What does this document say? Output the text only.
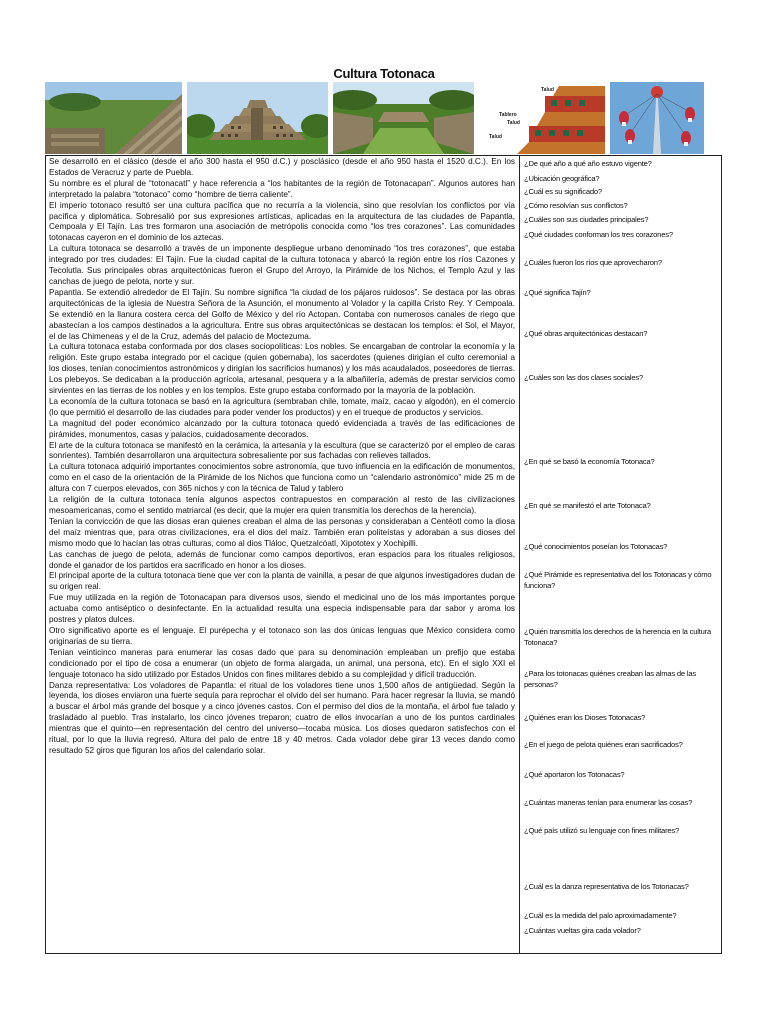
Cultura Totonaca
Talud
Tablero
Talud
Talud

Se desarrolló en el clásico (desde el año 300 hasta el 950 d.C.) y posclásico (desde el año 950 hasta el 1520 d.C.). En los Estados de Veracruz y parte de Puebla.

Su nombre es el plural de “totonacatl” y hace referencia a “los habitantes de la región de Totonacapan”. Algunos autores han interpretado la palabra “totonaco” como “hombre de tierra caliente”.

El imperio totonaco resultó ser una cultura pacífica que no recurría a la violencia, sino que resolvían los conflictos por vía pacífica y diplomática. Sobresalió por sus expresiones artísticas, aplicadas en la arquitectura de las ciudades de Papantla, Cempoala y El Tajín. Las tres formaron una asociación de metrópolis conocida como “los tres corazones”. Las comunidades totonacas cayeron en el dominio de los aztecas.

La cultura totonaca se desarrolló a través de un imponente despliegue urbano denominado “los tres corazones”, que estaba integrado por tres ciudades: El Tajín. Fue la ciudad capital de la cultura totonaca y abarcó la región entre los ríos Cazones y Tecolutla. Sus principales obras arquitectónicas fueron el Grupo del Arroyo, la Pirámide de los Nichos, el Templo Azul y las canchas de juego de pelota, norte y sur.

Papantla. Se extendió alrededor de El Tajín. Su nombre significa “la ciudad de los pájaros ruidosos”. Se destaca por las obras arquitectónicas de la iglesia de Nuestra Señora de la Asunción, el monumento al Volador y la capilla Cristo Rey. Y Cempoala. Se extendió en la llanura costera cerca del Golfo de México y del río Actopan. Contaba con numerosos canales de riego que abastecían a los campos destinados a la agricultura. Entre sus obras arquitectónicas se destacan los templos: el Sol, el Mayor, el de las Chimeneas y el de la Cruz, además del palacio de Moctezuma.

La cultura totonaca estaba conformada por dos clases sociopolíticas: Los nobles. Se encargaban de controlar la economía y la religión. Este grupo estaba integrado por el cacique (quien gobernaba), los sacerdotes (quienes dirigían el culto ceremonial a los dioses, tenían conocimientos astronómicos y dirigían los sacrificios humanos) y los más acaudalados, poseedores de tierras. Los plebeyos. Se dedicaban a la producción agrícola, artesanal, pesquera y a la albañilería, además de prestar servicios como sirvientes en las tierras de los nobles y en los templos. Este grupo estaba conformado por la mayoría de la población.

La economía de la cultura totonaca se basó en la agricultura (sembraban chile, tomate, maíz, cacao y algodón), en el comercio (lo que permitió el desarrollo de las ciudades para poder vender los productos) y en el trueque de productos y servicios.

La magnitud del poder económico alcanzado por la cultura totonaca quedó evidenciada a través de las edificaciones de pirámides, monumentos, casas y palacios, cuidadosamente decorados.

El arte de la cultura totonaca se manifestó en la cerámica, la artesanía y la escultura (que se caracterizó por el empleo de caras sonrientes). También desarrollaron una arquitectura sobresaliente por sus fachadas con relieves tallados.

La cultura totonaca adquirió importantes conocimientos sobre astronomía, que tuvo influencia en la edificación de monumentos, como en el caso de la orientación de la Pirámide de los Nichos que funciona como un “calendario astronómico” mide 25 m de altura con 7 cuerpos elevados, con 365 nichos y con la técnica de Talud y tablero

La religión de la cultura totonaca tenía algunos aspectos contrapuestos en comparación al resto de las civilizaciones mesoamericanas, como el sentido matriarcal (es decir, que la mujer era quien transmitía los derechos de la herencia).

Tenían la convicción de que las diosas eran quienes creaban el alma de las personas y consideraban a Centéotl como la diosa del maíz mientras que, para otras civilizaciones, era el dios del maíz. También eran politeístas y adoraban a sus dioses del mismo modo que lo hacían las otras culturas, como al dios Tláloc, Quetzalcóatl, Xipototex y Xochipilli.

Las canchas de juego de pelota, además de funcionar como campos deportivos, eran espacios para los rituales religiosos, donde el ganador de los partidos era sacrificado en honor a los dioses.

El principal aporte de la cultura totonaca tiene que ver con la planta de vainilla, a pesar de que algunos investigadores dudan de su origen real.

Fue muy utilizada en la región de Totonacapan para diversos usos, siendo el medicinal uno de los más importantes porque actuaba como antiséptico o desinfectante. En la actualidad resulta una especia indispensable para dar sabor y aroma los postres y platos dulces.

Otro significativo aporte es el lenguaje. El purépecha y el totonaco son las dos únicas lenguas que México considera como originarias de su tierra.

Tenían veinticinco maneras para enumerar las cosas dado que para su denominación empleaban un prefijo que estaba condicionado por el tipo de cosa a enumerar (un objeto de forma alargada, un animal, una persona, etc). En el siglo XXI el lenguaje totonaco ha sido utilizado por Estados Unidos con fines militares debido a su complejidad y difícil traducción.

Danza representativa: Los voladores de Papantla: el ritual de los voladores tiene unos 1,500 años de antigüedad. Según la leyenda, los dioses enviaron una fuerte sequía para reprochar el olvido del ser humano. Para hacer regresar la lluvia, se mandó a buscar el árbol más grande del bosque y a cinco jóvenes castos. Con el permiso del dios de la montaña, el árbol fue talado y trasladado al pueblo. Tras instalarlo, los cinco jóvenes treparon; cuatro de ellos invocarían a uno de los puntos cardinales mientras que el quinto—en representación del centro del universo—tocaba música. Los dioses quedaron satisfechos con el ritual, por lo que la lluvia regresó. Altura del palo de entre 18 y 40 metros. Cada volador debe girar 13 veces dando como resultado 52 giros que figuran los años del calendario solar.

¿De qué año a qué año estuvo vigente?
¿Ubicación geográfica?
¿Cuál es su significado?
¿Cómo resolvían sus conflictos?
¿Cuáles son sus ciudades principales?
¿Qué ciudades conforman los tres corazones?
¿Cuáles fueron los ríos que aprovecharon?
¿Qué significa Tajín?
¿Qué obras arquitectónicas destacan?
¿Cuáles son las dos clases sociales?
¿En qué se basó la economía Totonaca?
¿En qué se manifestó el arte Totonaca?
¿Qué conocimientos poseían los Totonacas?
¿Qué Pirámide es representativa del los Totonacas y cómo funciona?
¿Quién transmitía los derechos de la herencia en la cultura Totonaca?
¿Para los totonacas quiénes creaban las almas de las personas?
¿Quiénes eran los Dioses Totonacas?
¿En el juego de pelota quiénes eran sacrificados?
¿Qué aportaron los Totonacas?
¿Cuántas maneras tenían para enumerar las cosas?
¿Qué país utilizó su lenguaje con fines militares?
¿Cuál es la danza representativa de los Totonacas?
¿Cuál es la medida del palo aproximadamente?
¿Cuántas vueltas gira cada volador?
